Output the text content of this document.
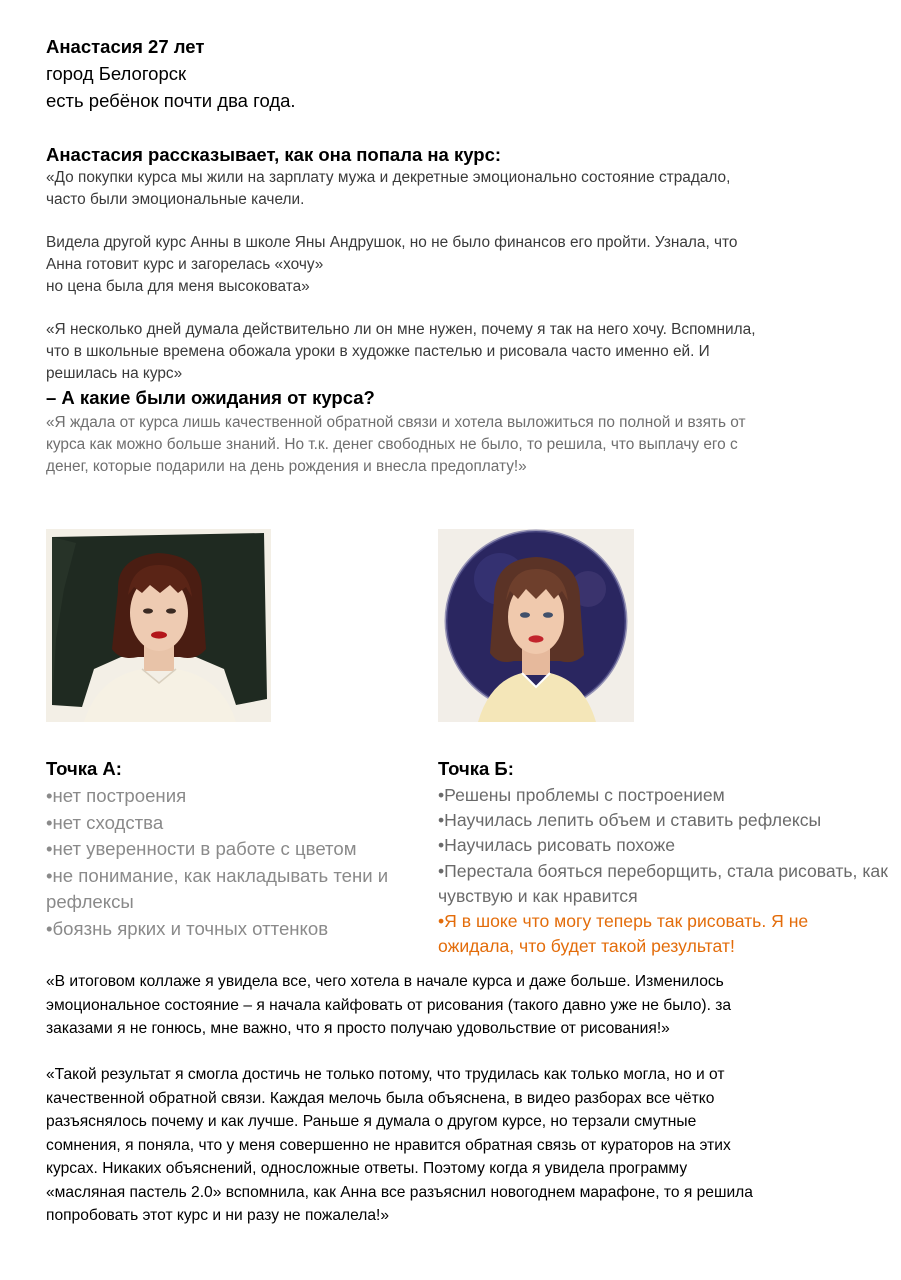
Анастасия 27 лет
город Белогорск
есть ребёнок почти два года.
Анастасия рассказывает, как она попала на курс:

«До покупки курса мы жили на зарплату мужа и декретные эмоционально состояние страдало,
часто были эмоциональные качели.

Видела другой курс Анны в школе Яны Андрушок, но не было финансов его пройти. Узнала, что
Анна готовит курс и загорелась «хочу»
но цена была для меня высоковата»

«Я несколько дней думала действительно ли он мне нужен, почему я так на него хочу. Вспомнила,
что в школьные времена обожала уроки в художке пастелью и рисовала часто именно ей. И
решилась на курс»

– А какие были ожидания от курса?

«Я ждала от курса лишь качественной обратной связи и хотела выложиться по полной и взять от
курса как можно больше знаний. Но т.к. денег свободных не было, то решила, что выплачу его с
денег, которые подарили на день рождения и внесла предоплату!»

Точка А:
•нет построения
•нет сходства
•нет уверенности в работе с цветом
•не понимание, как накладывать тени и рефлексы
•боязнь ярких и точных оттенков
Точка Б:
•Решены проблемы с построением
•Научилась лепить объем и ставить рефлексы
•Научилась рисовать похоже
•Перестала бояться переборщить, стала рисовать, как чувствую и как нравится
•Я в шоке что могу теперь так рисовать. Я не ожидала, что будет такой результат!

«В итоговом коллаже я увидела все, чего хотела в начале курса и даже больше. Изменилось
эмоциональное состояние – я начала кайфовать от рисования (такого давно уже не было). за
заказами я не гонюсь, мне важно, что я просто получаю удовольствие от рисования!»

«Такой результат я смогла достичь не только потому, что трудилась как только могла, но и от
качественной обратной связи. Каждая мелочь была объяснена, в видео разборах все чётко
разъяснялось почему и как лучше. Раньше я думала о другом курсе, но терзали смутные
сомнения, я поняла, что у меня совершенно не нравится обратная связь от кураторов на этих
курсах. Никаких объяснений, односложные ответы. Поэтому когда я увидела программу
«масляная пастель 2.0» вспомнила, как Анна все разъяснил новогоднем марафоне, то я решила
попробовать этот курс и ни разу не пожалела!»
